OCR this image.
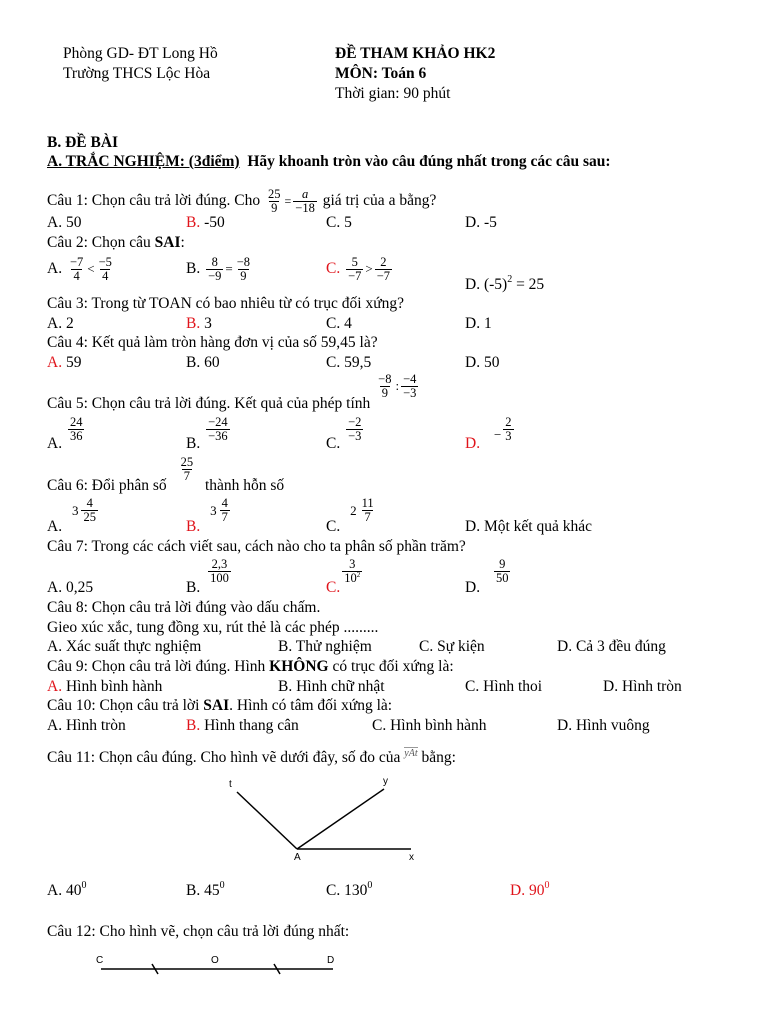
Phòng GD- ĐT Long Hồ
Trường THCS Lộc Hòa
ĐỀ THAM KHẢO HK2
MÔN: Toán 6
Thời gian: 90 phút
B. ĐỀ BÀI
A. TRẮC NGHIỆM: (3điểm) Hãy khoanh tròn vào câu đúng nhất trong các câu sau:
Câu 1: Chọn câu trả lời đúng. Cho $\frac{25}{9} = \frac{a}{-18}$ giá trị của a bằng?
A. 50	B. -50	C. 5	D. -5
Câu 2: Chọn câu SAI:
A. $\frac{-7}{4} < \frac{-5}{4}$	B. $\frac{8}{-9} = \frac{-8}{9}$	C. $\frac{5}{-7} > \frac{2}{-7}$
D. $(-5)^2 = 25$
Câu 3: Trong từ TOAN có bao nhiêu từ có trục đối xứng?
A. 2	B. 3	C. 4	D. 1
Câu 4: Kết quả làm tròn hàng đơn vị của số 59,45 là?
A. 59	B. 60	C. 59,5	D. 50
Câu 5: Chọn câu trả lời đúng. Kết quả của phép tính
$\frac{-8}{9}$ : $\frac{-4}{-3}$
A.
$\frac{24}{36}$
B.
$\frac{-24}{-36}$
C.
$\frac{-2}{-3}$
D. − $\frac{2}{3}$
Câu 6: Đổi phân số
$\frac{25}{7}$
thành hỗn số
A.
$3 \frac{4}{25}$
B.
$3 \frac{4}{7}$
C.
$2 \frac{11}{7}$
D. Một kết quả khác
Câu 7: Trong các cách viết sau, cách nào cho ta phân số phần trăm?
A. 0,25	B.
$\frac{2,3}{100}$
C.
$\frac{3}{10^2}$
D.
$\frac{9}{50}$
Câu 8: Chọn câu trả lời đúng vào dấu chấm.
Gieo xúc xắc, tung đồng xu, rút thẻ là các phép .........
A. Xác suất thực nghiệm	B. Thử nghiệm	C. Sự kiện	D. Cả 3 đều đúng
Câu 9: Chọn câu trả lời đúng. Hình KHÔNG có trục đối xứng là:
A. Hình bình hành	B. Hình chữ nhật	C. Hình thoi	D. Hình tròn
Câu 10: Chọn câu trả lời SAI. Hình có tâm đối xứng là:
A. Hình tròn	B. Hình thang cân	C. Hình bình hành	D. Hình vuông
Câu 11: Chọn câu đúng. Cho hình vẽ dưới đây, số đo của yAt bằng:
t	y
A	x
A. $40^0$	B. $45^0$	C. $130^0$	D. $90^0$
Câu 12: Cho hình vẽ, chọn câu trả lời đúng nhất:
C	O	D
